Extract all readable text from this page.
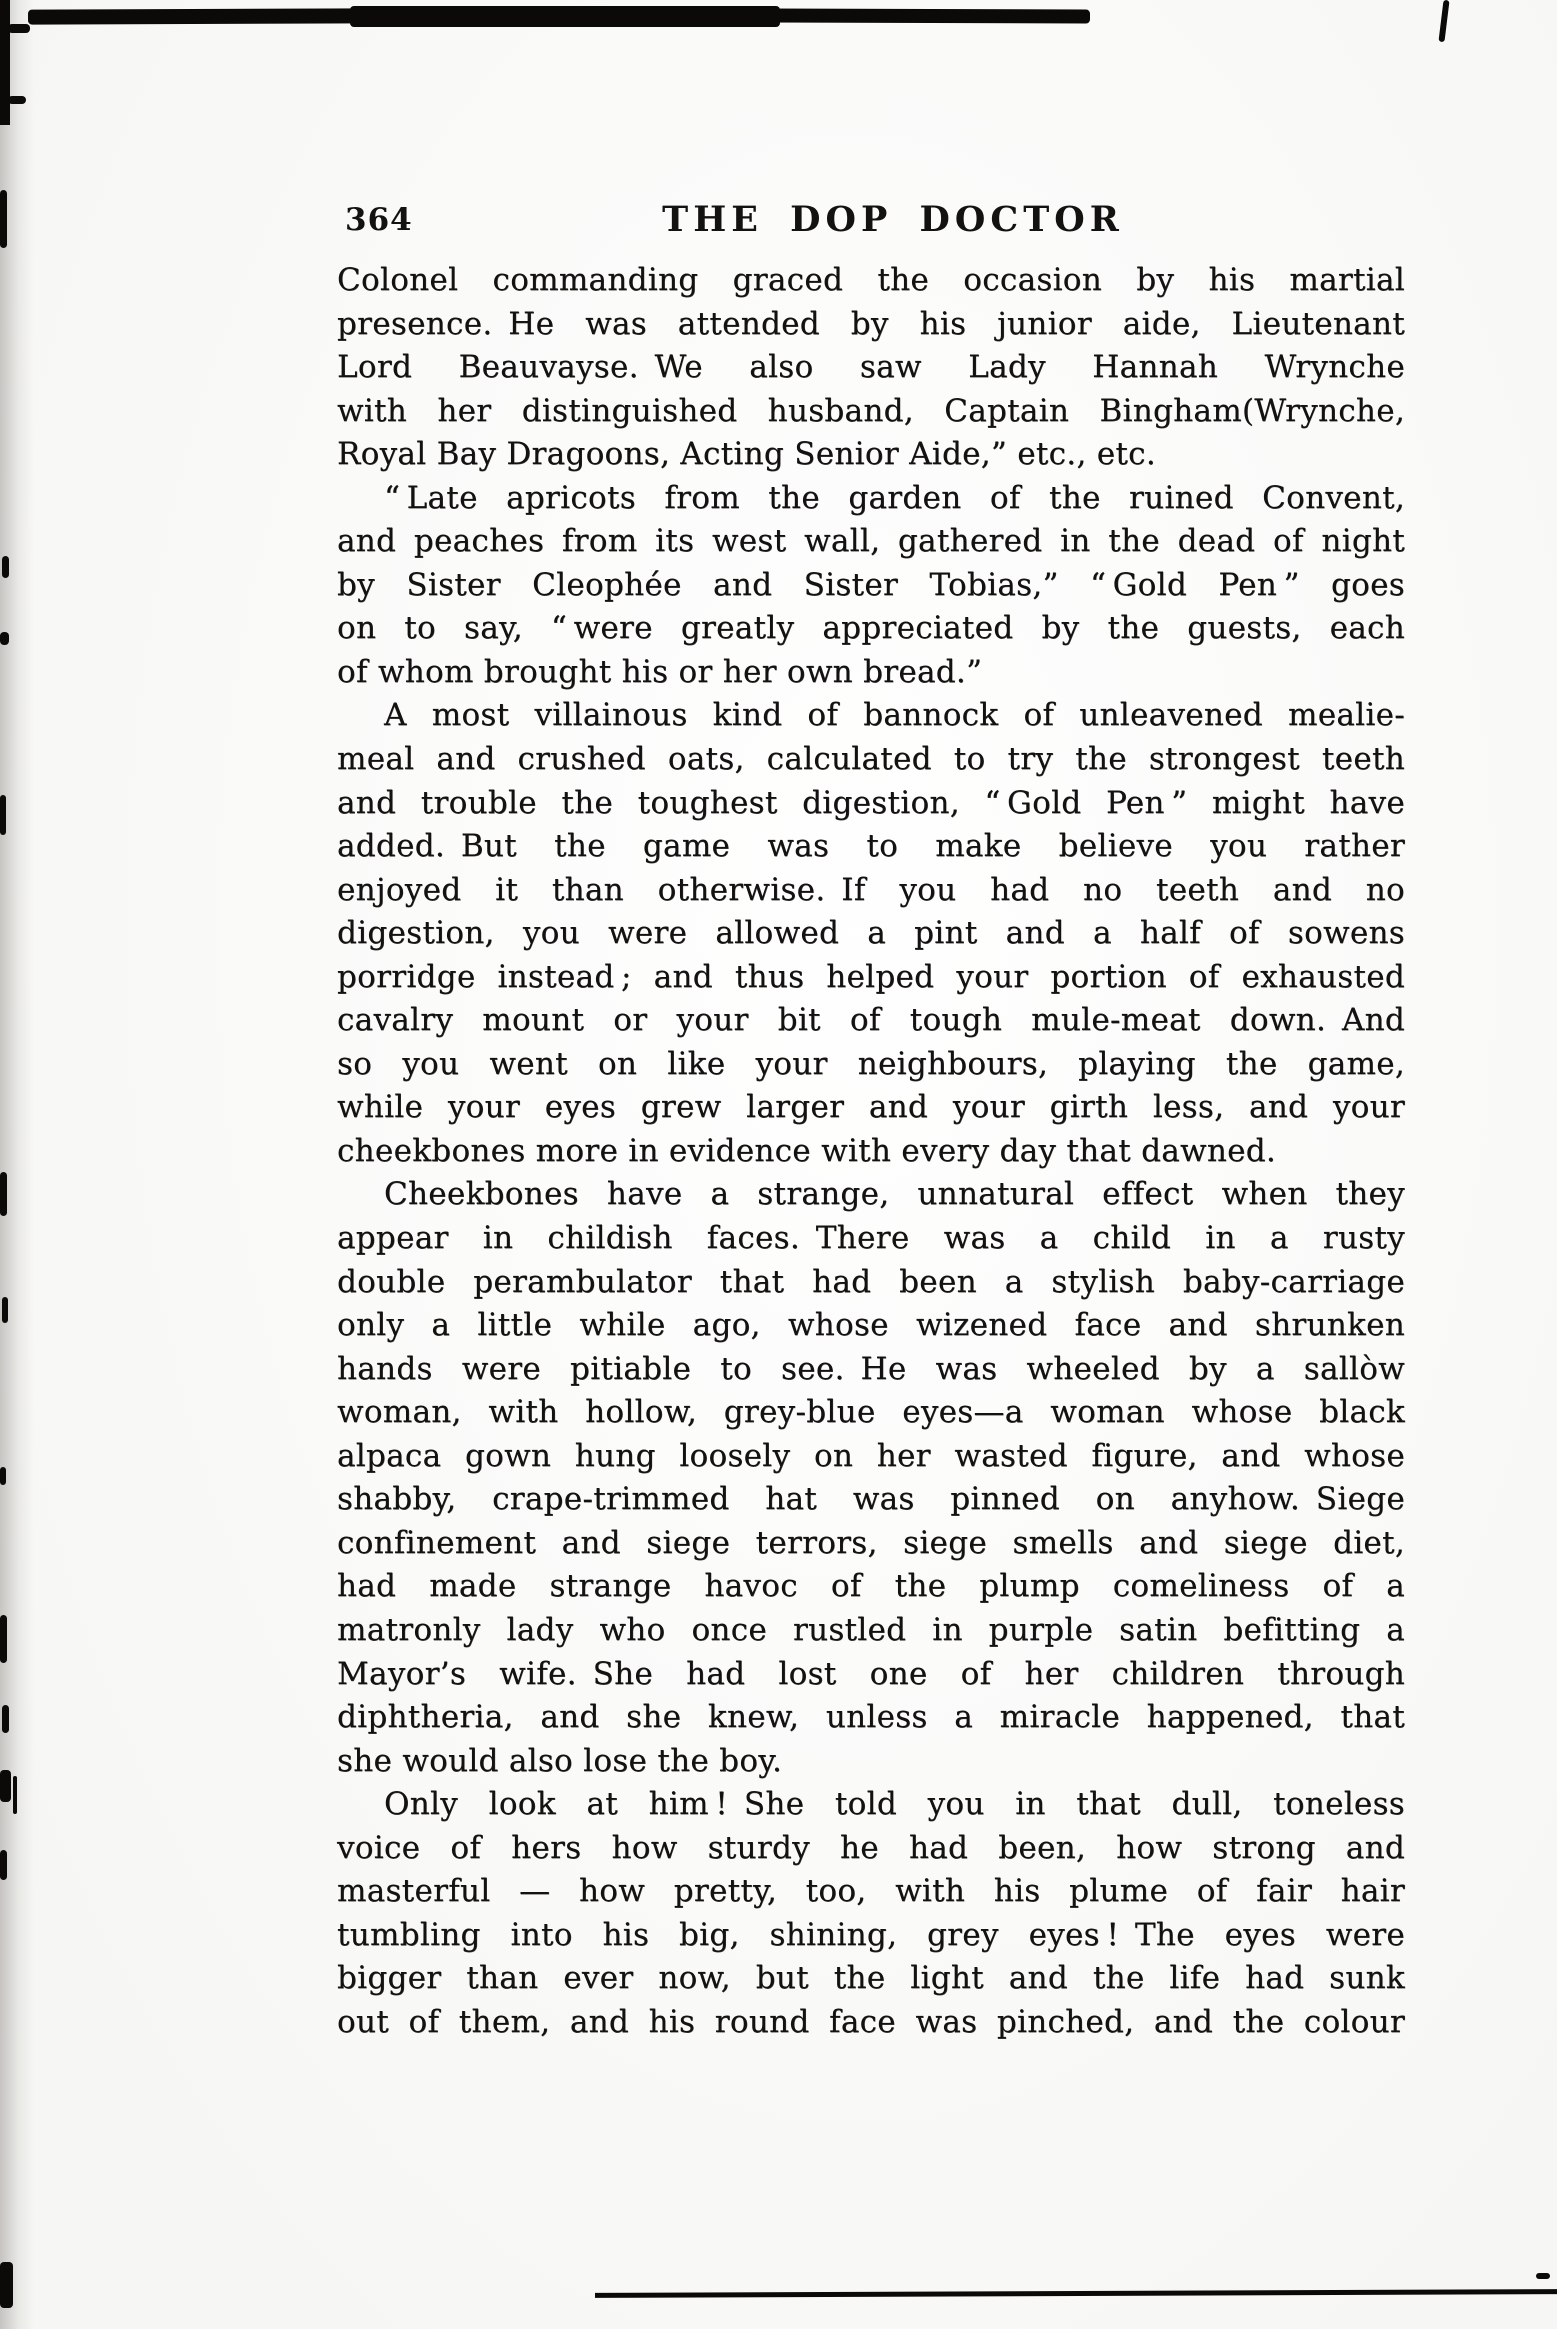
364	THE DOP DOCTOR
Colonel commanding graced the occasion by his martial
presence. He was attended by his junior aide, Lieutenant
Lord Beauvayse. We also saw Lady Hannah Wrynche
with her distinguished husband, Captain Bingham(Wrynche,
Royal Bay Dragoons, Acting Senior Aide,” etc., etc.
“ Late apricots from the garden of the ruined Convent,
and peaches from its west wall, gathered in the dead of night
by Sister Cleophée and Sister Tobias,” “ Gold Pen ” goes
on to say, “ were greatly appreciated by the guests, each
of whom brought his or her own bread.”
A most villainous kind of bannock of unleavened mealie-
meal and crushed oats, calculated to try the strongest teeth
and trouble the toughest digestion, “ Gold Pen ” might have
added. But the game was to make believe you rather
enjoyed it than otherwise. If you had no teeth and no
digestion, you were allowed a pint and a half of sowens
porridge instead ; and thus helped your portion of exhausted
cavalry mount or your bit of tough mule-meat down. And
so you went on like your neighbours, playing the game,
while your eyes grew larger and your girth less, and your
cheekbones more in evidence with every day that dawned.
Cheekbones have a strange, unnatural effect when they
appear in childish faces. There was a child in a rusty
double perambulator that had been a stylish baby-carriage
only a little while ago, whose wizened face and shrunken
hands were pitiable to see. He was wheeled by a sallòw
woman, with hollow, grey-blue eyes—a woman whose black
alpaca gown hung loosely on her wasted figure, and whose
shabby, crape-trimmed hat was pinned on anyhow. Siege
confinement and siege terrors, siege smells and siege diet,
had made strange havoc of the plump comeliness of a
matronly lady who once rustled in purple satin befitting a
Mayor’s wife. She had lost one of her children through
diphtheria, and she knew, unless a miracle happened, that
she would also lose the boy.
Only look at him ! She told you in that dull, toneless
voice of hers how sturdy he had been, how strong and
masterful — how pretty, too, with his plume of fair hair
tumbling into his big, shining, grey eyes ! The eyes were
bigger than ever now, but the light and the life had sunk
out of them, and his round face was pinched, and the colour
